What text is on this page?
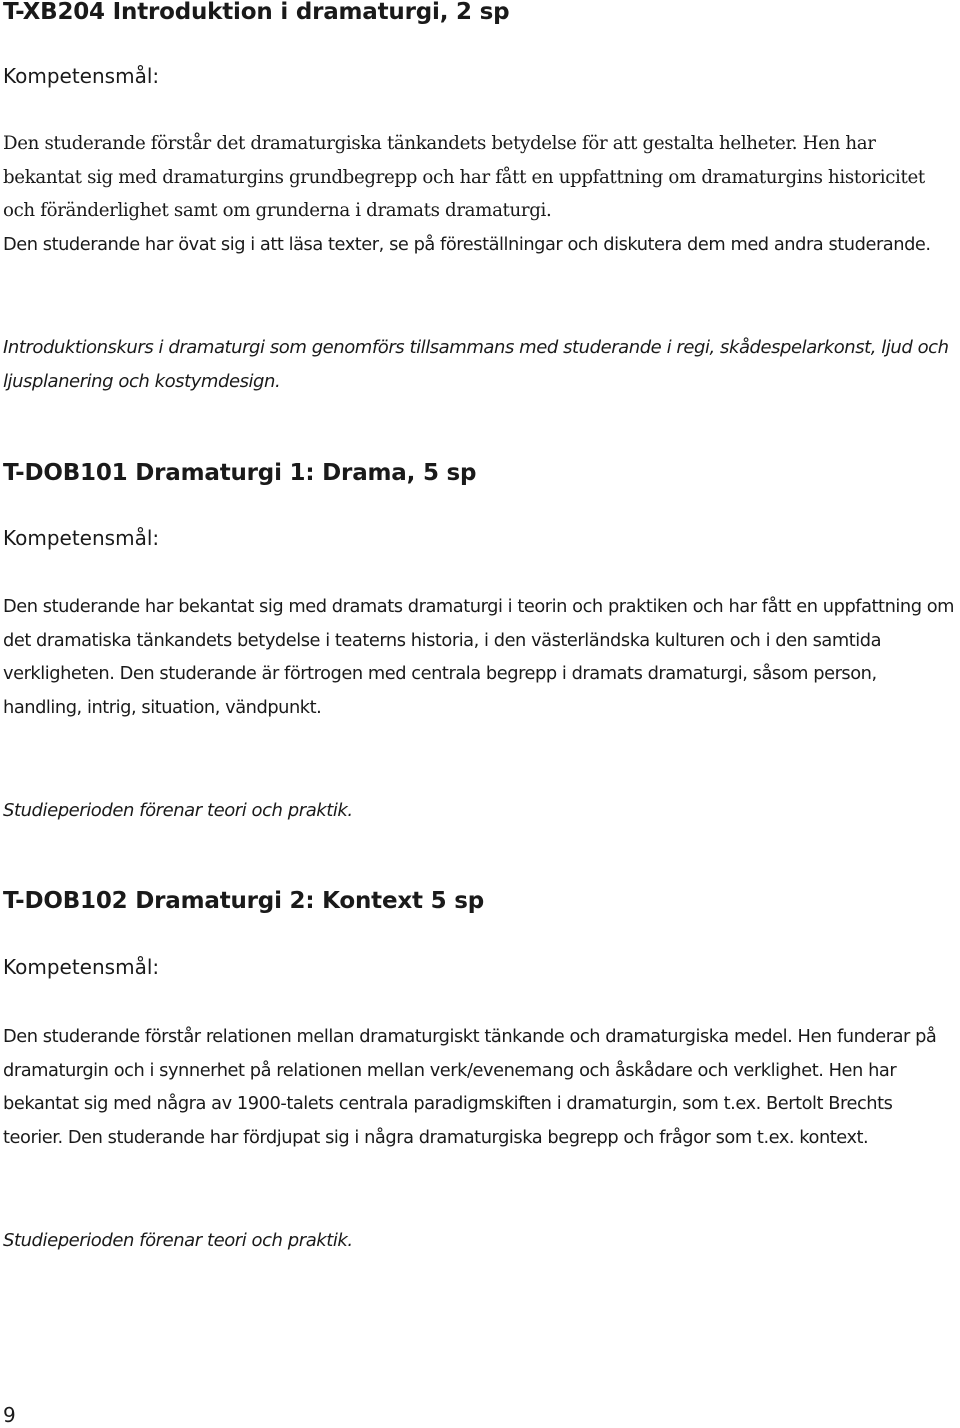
T-XB204 Introduktion i dramaturgi, 2 sp
Kompetensmål:

Den studerande förstår det dramaturgiska tänkandets betydelse för att gestalta helheter. Hen har bekantat sig med dramaturgins grundbegrepp och har fått en uppfattning om dramaturgins historicitet och föränderlighet samt om grunderna i dramats dramaturgi.

Den studerande har övat sig i att läsa texter, se på föreställningar och diskutera dem med andra studerande.

Introduktionskurs i dramaturgi som genomförs tillsammans med studerande i regi, skådespelarkonst, ljud och ljusplanering och kostymdesign.

T-DOB101 Dramaturgi 1: Drama, 5 sp
Kompetensmål:

Den studerande har bekantat sig med dramats dramaturgi i teorin och praktiken och har fått en uppfattning om det dramatiska tänkandets betydelse i teaterns historia, i den västerländska kulturen och i den samtida verkligheten. Den studerande är förtrogen med centrala begrepp i dramats dramaturgi, såsom person, handling, intrig, situation, vändpunkt.

Studieperioden förenar teori och praktik.

T-DOB102 Dramaturgi 2: Kontext 5 sp
Kompetensmål:

Den studerande förstår relationen mellan dramaturgiskt tänkande och dramaturgiska medel. Hen funderar på dramaturgin och i synnerhet på relationen mellan verk/evenemang och åskådare och verklighet. Hen har bekantat sig med några av 1900-talets centrala paradigmskiften i dramaturgin, som t.ex. Bertolt Brechts teorier. Den studerande har fördjupat sig i några dramaturgiska begrepp och frågor som t.ex. kontext.

Studieperioden förenar teori och praktik.

9
